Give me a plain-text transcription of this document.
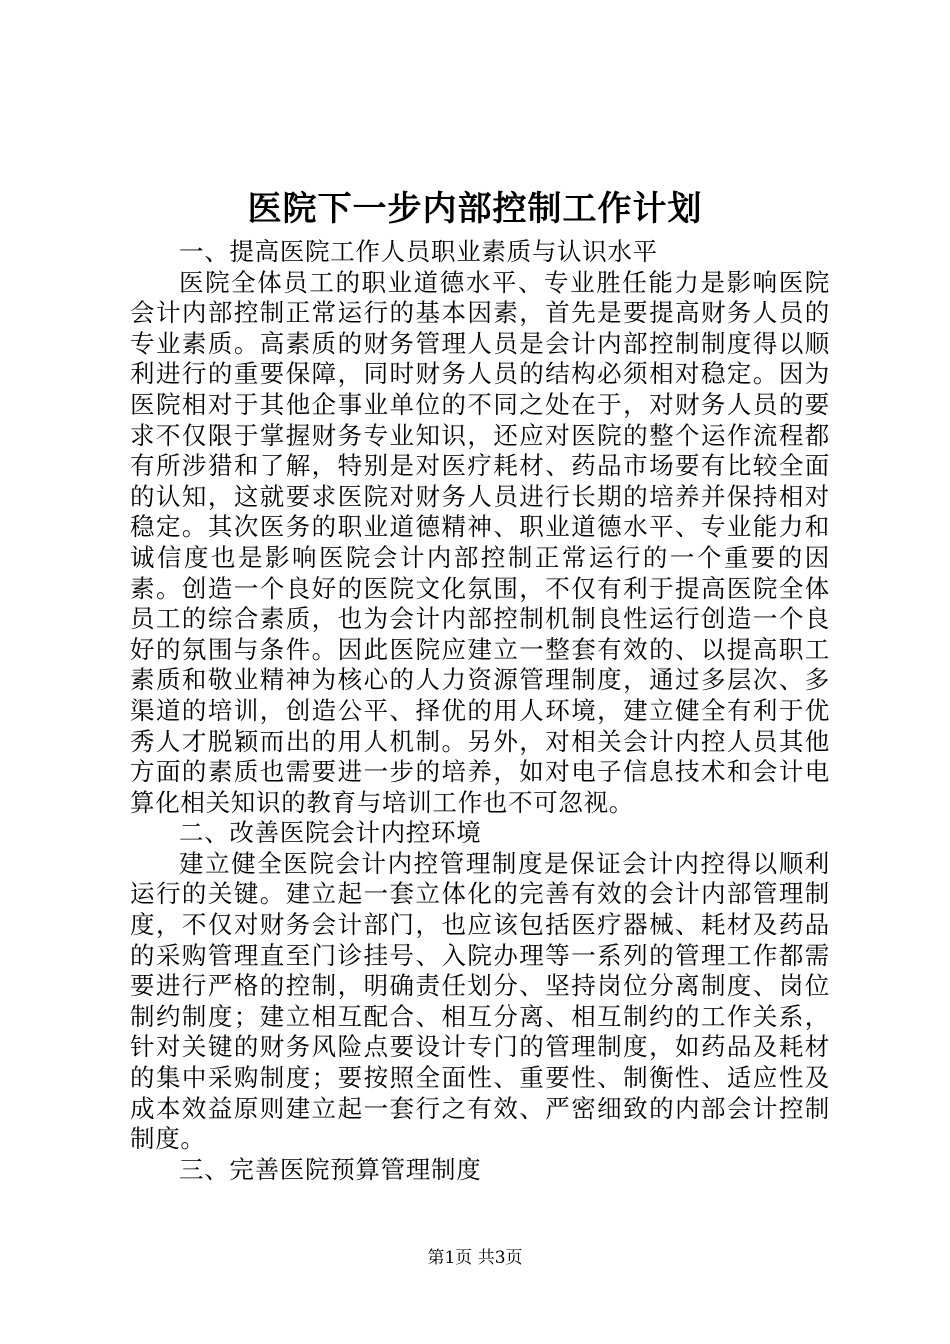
医院下一步内部控制工作计划

一、提高医院工作人员职业素质与认识水平

医院全体员工的职业道德水平、专业胜任能力是影响医院会计内部控制正常运行的基本因素，首先是要提高财务人员的专业素质。高素质的财务管理人员是会计内部控制制度得以顺利进行的重要保障，同时财务人员的结构必须相对稳定。因为医院相对于其他企事业单位的不同之处在于，对财务人员的要求不仅限于掌握财务专业知识，还应对医院的整个运作流程都有所涉猎和了解，特别是对医疗耗材、药品市场要有比较全面的认知，这就要求医院对财务人员进行长期的培养并保持相对稳定。其次医务的职业道德精神、职业道德水平、专业能力和诚信度也是影响医院会计内部控制正常运行的一个重要的因素。创造一个良好的医院文化氛围，不仅有利于提高医院全体员工的综合素质，也为会计内部控制机制良性运行创造一个良好的氛围与条件。因此医院应建立一整套有效的、以提高职工素质和敬业精神为核心的人力资源管理制度，通过多层次、多渠道的培训，创造公平、择优的用人环境，建立健全有利于优秀人才脱颖而出的用人机制。另外，对相关会计内控人员其他方面的素质也需要进一步的培养，如对电子信息技术和会计电算化相关知识的教育与培训工作也不可忽视。

二、改善医院会计内控环境

建立健全医院会计内控管理制度是保证会计内控得以顺利运行的关键。建立起一套立体化的完善有效的会计内部管理制度，不仅对财务会计部门，也应该包括医疗器械、耗材及药品的采购管理直至门诊挂号、入院办理等一系列的管理工作都需要进行严格的控制，明确责任划分、坚持岗位分离制度、岗位制约制度；建立相互配合、相互分离、相互制约的工作关系，针对关键的财务风险点要设计专门的管理制度，如药品及耗材的集中采购制度；要按照全面性、重要性、制衡性、适应性及成本效益原则建立起一套行之有效、严密细致的内部会计控制制度。

三、完善医院预算管理制度

第1页 共3页
